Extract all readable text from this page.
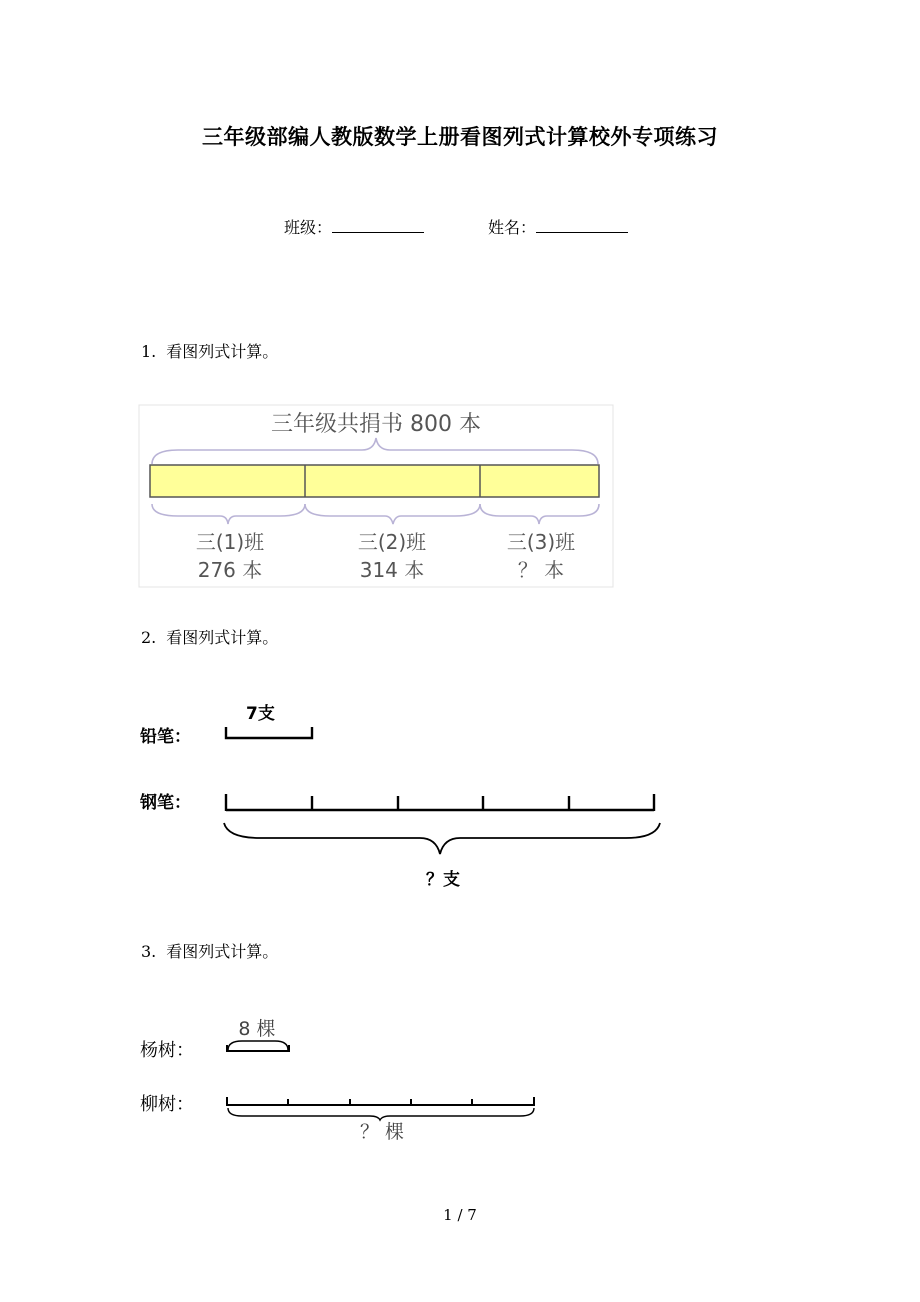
三年级部编人教版数学上册看图列式计算校外专项练习
班级：	姓名：
1. 看图列式计算。
三年级共捐书 800 本
三(1)班
276 本
三(2)班
314 本
三(3)班
？ 本
2. 看图列式计算。
铅笔：
7支
钢笔：
？支
3. 看图列式计算。
杨树：
8 棵
柳树：
？ 棵
1 / 7
